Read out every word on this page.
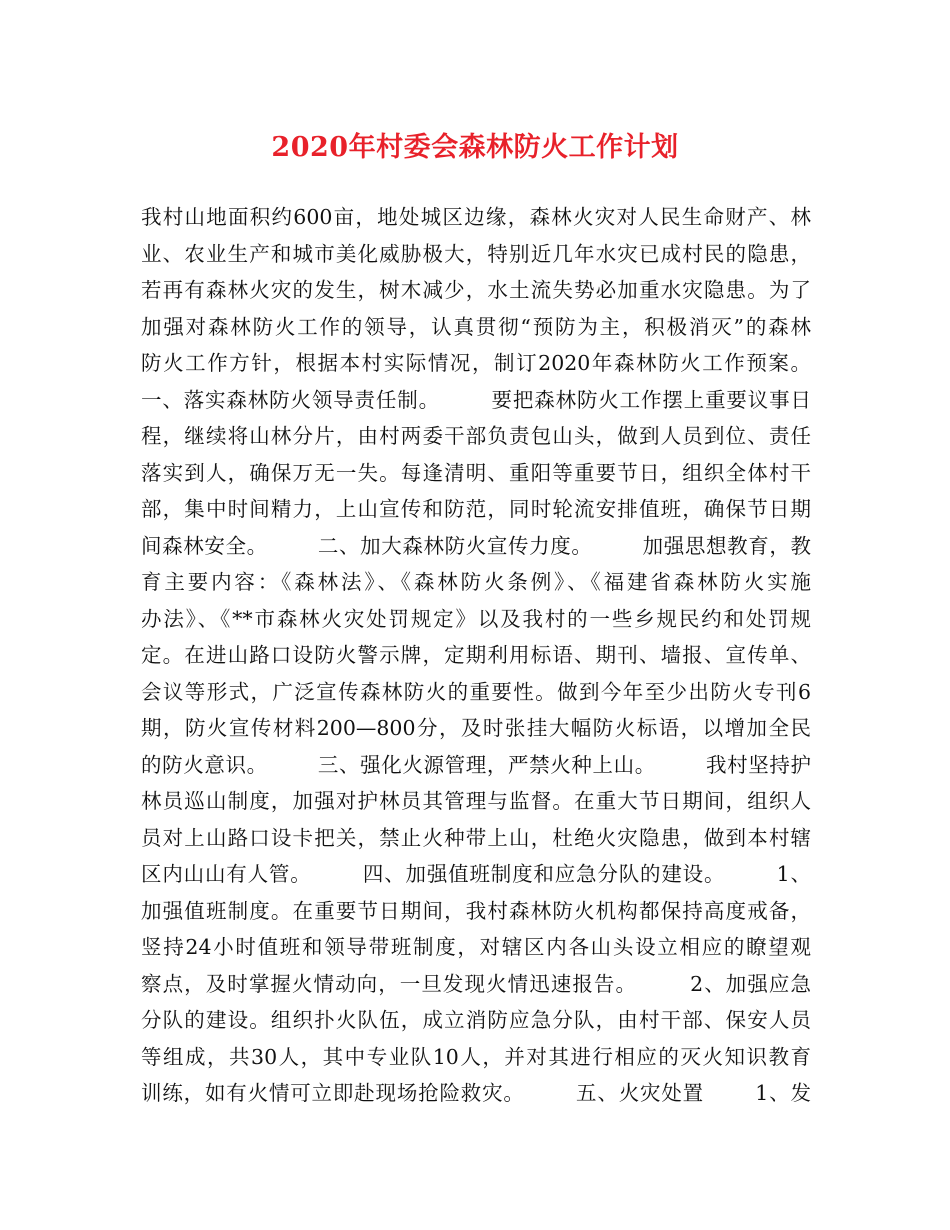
2020年村委会森林防火工作计划
我村山地面积约600亩，地处城区边缘，森林火灾对人民生命财产、林
业、农业生产和城市美化威胁极大，特别近几年水灾已成村民的隐患，
若再有森林火灾的发生，树木减少，水土流失势必加重水灾隐患。为了
加强对森林防火工作的领导，认真贯彻“预防为主，积极消灭”的森林
防火工作方针，根据本村实际情况，制订2020年森林防火工作预案。
一、落实森林防火领导责任制。       要把森林防火工作摆上重要议事日
程，继续将山林分片，由村两委干部负责包山头，做到人员到位、责任
落实到人，确保万无一失。每逢清明、重阳等重要节日，组织全体村干
部，集中时间精力，上山宣传和防范，同时轮流安排值班，确保节日期
间森林安全。       二、加大森林防火宣传力度。       加强思想教育，教
育主要内容：《森林法》、《森林防火条例》、《福建省森林防火实施
办法》、《**市森林火灾处罚规定》以及我村的一些乡规民约和处罚规
定。在进山路口设防火警示牌，定期利用标语、期刊、墙报、宣传单、
会议等形式，广泛宣传森林防火的重要性。做到今年至少出防火专刊6
期，防火宣传材料200—800分，及时张挂大幅防火标语，以增加全民
的防火意识。       三、强化火源管理，严禁火种上山。       我村坚持护
林员巡山制度，加强对护林员其管理与监督。在重大节日期间，组织人
员对上山路口设卡把关，禁止火种带上山，杜绝火灾隐患，做到本村辖
区内山山有人管。       四、加强值班制度和应急分队的建设。       1、
加强值班制度。在重要节日期间，我村森林防火机构都保持高度戒备，
竖持24小时值班和领导带班制度，对辖区内各山头设立相应的瞭望观
察点，及时掌握火情动向，一旦发现火情迅速报告。       2、加强应急
分队的建设。组织扑火队伍，成立消防应急分队，由村干部、保安人员
等组成，共30人，其中专业队10人，并对其进行相应的灭火知识教育
训练，如有火情可立即赴现场抢险救灾。       五、火灾处置       1、发
